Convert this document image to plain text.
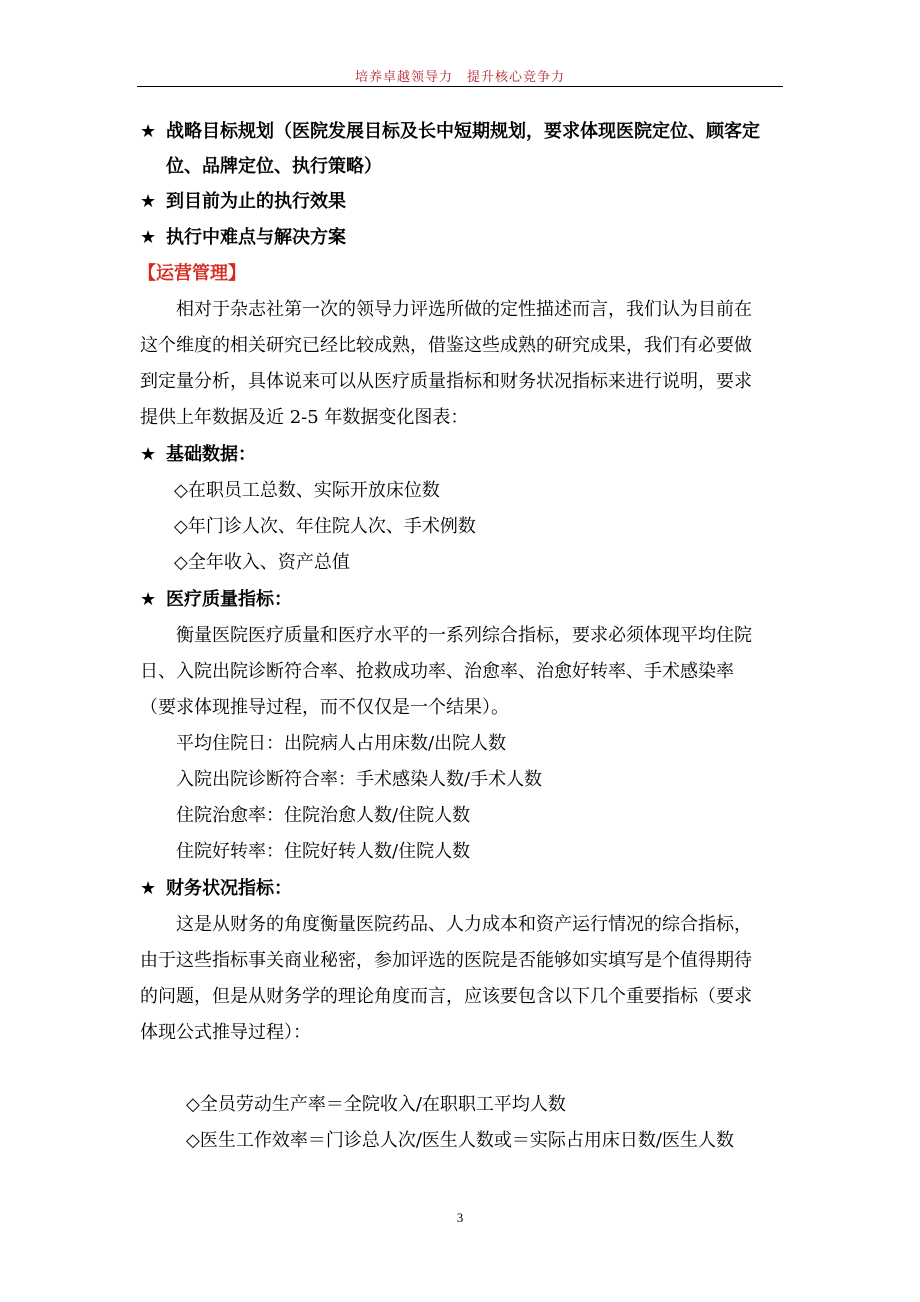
培养卓越领导力　提升核心竞争力
★ 战略目标规划（医院发展目标及长中短期规划，要求体现医院定位、顾客定
位、品牌定位、执行策略）
★ 到目前为止的执行效果
★ 执行中难点与解决方案
【运营管理】
相对于杂志社第一次的领导力评选所做的定性描述而言，我们认为目前在
这个维度的相关研究已经比较成熟，借鉴这些成熟的研究成果，我们有必要做
到定量分析，具体说来可以从医疗质量指标和财务状况指标来进行说明，要求
提供上年数据及近 2-5 年数据变化图表：
★ 基础数据：
◇在职员工总数、实际开放床位数
◇年门诊人次、年住院人次、手术例数
◇全年收入、资产总值
★ 医疗质量指标：
衡量医院医疗质量和医疗水平的一系列综合指标，要求必须体现平均住院
日、入院出院诊断符合率、抢救成功率、治愈率、治愈好转率、手术感染率
（要求体现推导过程，而不仅仅是一个结果）。
平均住院日：出院病人占用床数/出院人数
入院出院诊断符合率：手术感染人数/手术人数
住院治愈率：住院治愈人数/住院人数
住院好转率：住院好转人数/住院人数
★ 财务状况指标：
这是从财务的角度衡量医院药品、人力成本和资产运行情况的综合指标，
由于这些指标事关商业秘密，参加评选的医院是否能够如实填写是个值得期待
的问题，但是从财务学的理论角度而言，应该要包含以下几个重要指标（要求
体现公式推导过程）：
◇全员劳动生产率＝全院收入/在职职工平均人数
◇医生工作效率＝门诊总人次/医生人数或＝实际占用床日数/医生人数
3
